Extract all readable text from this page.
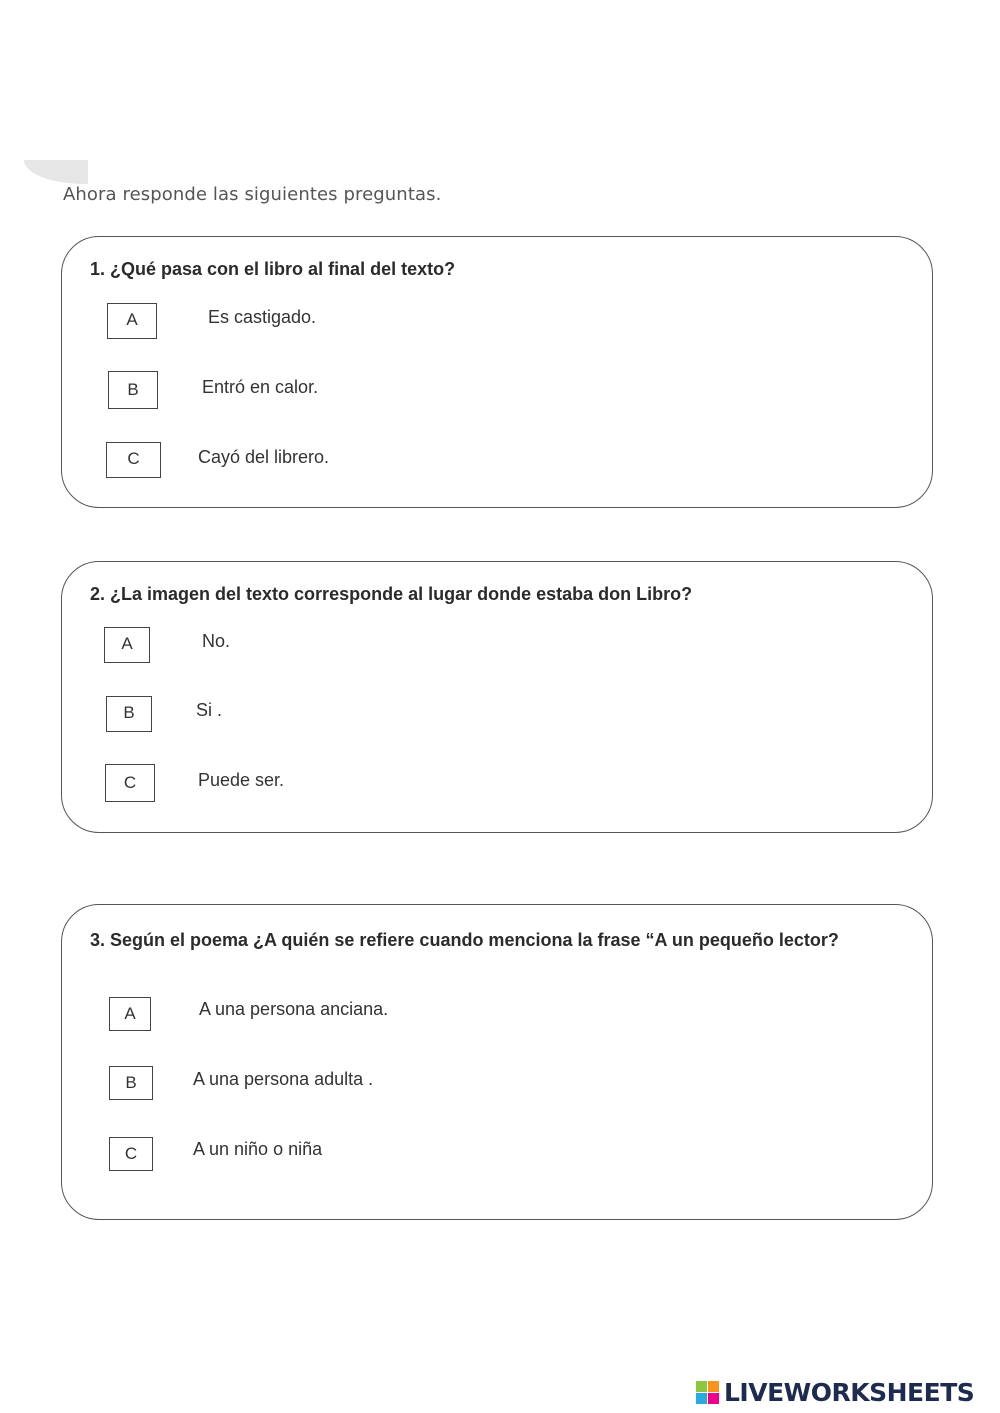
Ahora responde las siguientes preguntas.
1. ¿Qué pasa con el libro al final del texto?
A	Es castigado.
B	Entró en calor.
C	Cayó del librero.
2. ¿La imagen del texto corresponde al lugar donde estaba don Libro?
A	No.
B	Si .
C	Puede ser.
3. Según el poema ¿A quién se refiere cuando menciona la frase “A un pequeño lector?
A	A una persona anciana.
B	A una persona adulta .
C	A un niño o niña
LIVEWORKSHEETS
